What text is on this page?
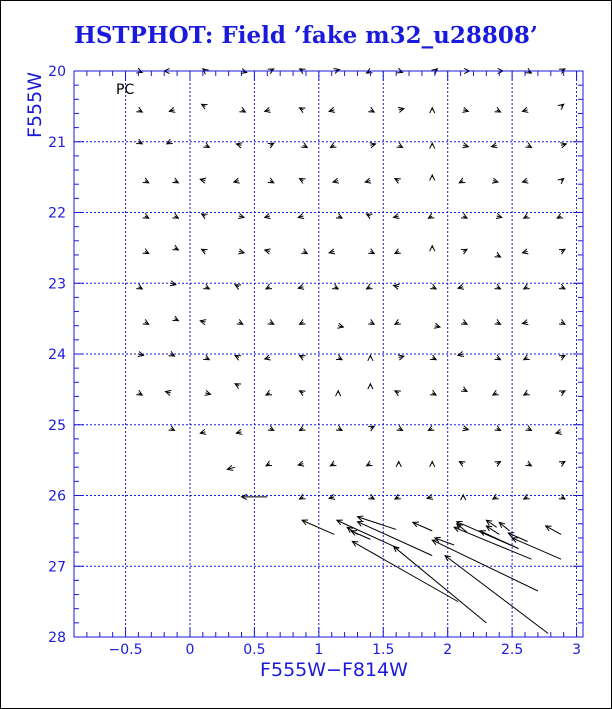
HSTPHOT: Field ’fake m32_u28808’
−0.5	0	0.5	1	1.5	2	2.5	3
20
21
22
23
24
25
26
27
28
PC
F555W−F814W
F555W
